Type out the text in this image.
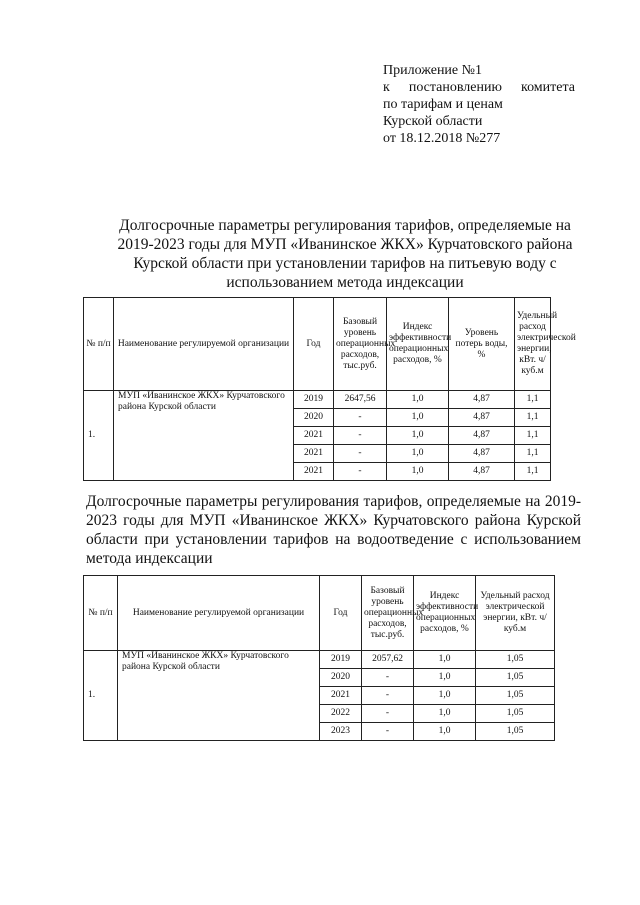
Приложение №1
к постановлению комитета
по тарифам и ценам
Курской области
от 18.12.2018 №277
Долгосрочные параметры регулирования тарифов, определяемые на 2019-2023 годы для МУП «Иванинское ЖКХ» Курчатовского района Курской области при установлении тарифов на питьевую воду с использованием метода индексации
№ п/п	Наименование регулируемой организации	Год	Базовый уровень операционных расходов, тыс.руб.	Индекс эффективности операционных расходов, %	Уровень потерь воды, %	Удельный расход электрической энергии, кВт. ч/куб.м
1.	МУП «Иванинское ЖКХ» Курчатовского района Курской области	2019	2647,56	1,0	4,87	1,1
		2020	-	1,0	4,87	1,1
		2021	-	1,0	4,87	1,1
		2021	-	1,0	4,87	1,1
		2021	-	1,0	4,87	1,1
Долгосрочные параметры регулирования тарифов, определяемые на 2019-2023 годы для МУП «Иванинское ЖКХ» Курчатовского района Курской области при установлении тарифов на водоотведение с использованием метода индексации
№ п/п	Наименование регулируемой организации	Год	Базовый уровень операционных расходов, тыс.руб.	Индекс эффективности операционных расходов, %	Удельный расход электрической энергии, кВт. ч/куб.м
1.	МУП «Иванинское ЖКХ» Курчатовского района Курской области	2019	2057,62	1,0	1,05
		2020	-	1,0	1,05
		2021	-	1,0	1,05
		2022	-	1,0	1,05
		2023	-	1,0	1,05
